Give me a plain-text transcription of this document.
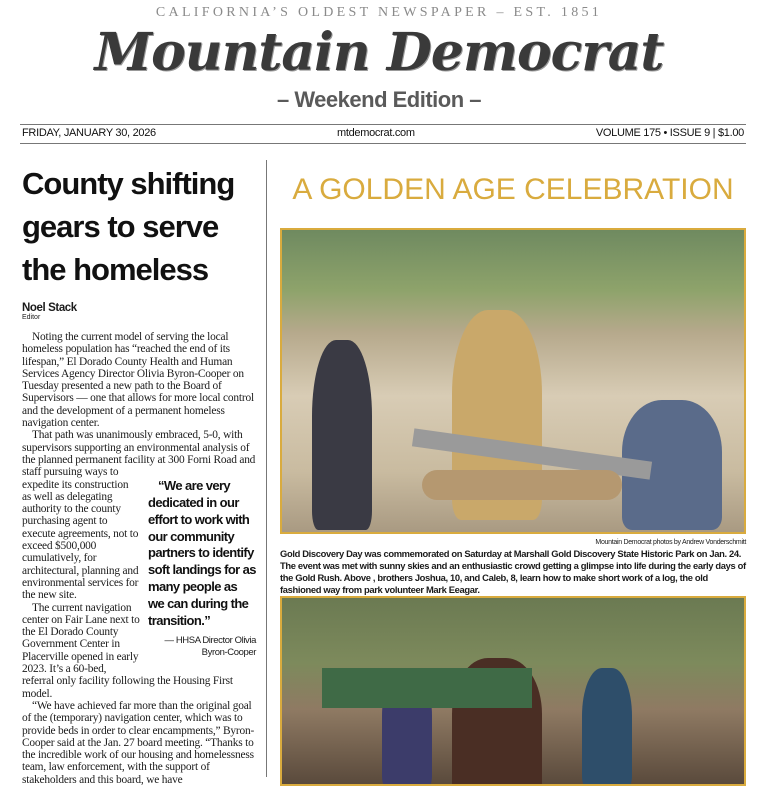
CALIFORNIA’S OLDEST NEWSPAPER – EST. 1851
Mountain Democrat
– Weekend Edition –
FRIDAY, JANUARY 30, 2026	mtdemocrat.com	VOLUME 175 • ISSUE 9 | $1.00
County shifting gears to serve the homeless
Noel Stack
Editor

Noting the current model of serving the local homeless population has “reached the end of its lifespan,” El Dorado County Health and Human Services Agency Director Olivia Byron-Cooper on Tuesday presented a new path to the Board of Supervisors — one that allows for more local control and the development of a permanent homeless navigation center.

That path was unanimously embraced, 5-0, with supervisors supporting an environmental analysis of the planned permanent facility at
“We are very dedicated in our effort to work with our community partners to identify soft landings for as many people as we can during the transition.”
— HHSA Director Olivia Byron-Cooper
300 Forni Road and staff pursuing ways to expedite its construction as well as delegating authority to the county purchasing agent to execute agreements, not to exceed $500,000 cumulatively, for architectural, planning and environmental services for the new site.

The current navigation center on Fair Lane next to the El Dorado County Government Center in Placerville opened in early 2023. It’s a 60-bed, referral only facility following the Housing First model.

“We have achieved far more than the original goal of the (temporary) navigation center, which was to provide beds in order to clear encampments,” Byron-Cooper said at the Jan. 27 board meeting. “Thanks to the incredible work of our housing and homelessness team, law enforcement, with the support of stakeholders and this board, we have

A GOLDEN AGE CELEBRATION
Mountain Democrat photos by Andrew Vonderschmitt
Gold Discovery Day was commemorated on Saturday at Marshall Gold Discovery State Historic Park on Jan. 24. The event was met with sunny skies and an enthusiastic crowd getting a glimpse into life during the early days of the Gold Rush. Above , brothers Joshua, 10, and Caleb, 8, learn how to make short work of a log, the old fashioned way from park volunteer Mark Eeagar.
